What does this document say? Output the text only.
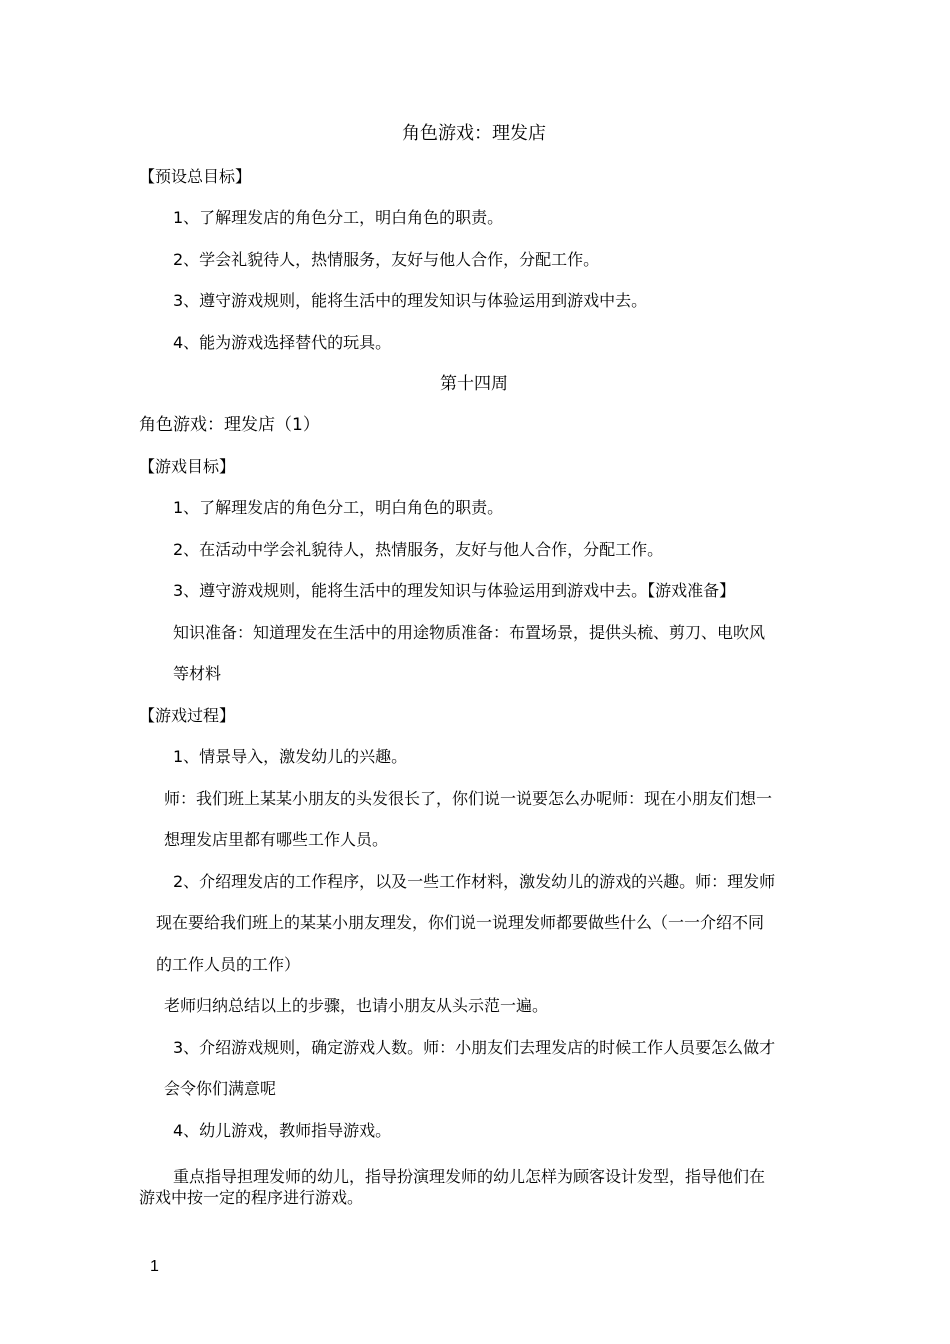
角色游戏：理发店
【预设总目标】
1、了解理发店的角色分工，明白角色的职责。
2、学会礼貌待人，热情服务，友好与他人合作，分配工作。
3、遵守游戏规则，能将生活中的理发知识与体验运用到游戏中去。
4、能为游戏选择替代的玩具。
第十四周
角色游戏：理发店（1）
【游戏目标】
1、了解理发店的角色分工，明白角色的职责。
2、在活动中学会礼貌待人，热情服务，友好与他人合作，分配工作。
3、遵守游戏规则，能将生活中的理发知识与体验运用到游戏中去。【游戏准备】
知识准备：知道理发在生活中的用途物质准备：布置场景，提供头梳、剪刀、电吹风
等材料
【游戏过程】
1、情景导入，激发幼儿的兴趣。
师：我们班上某某小朋友的头发很长了，你们说一说要怎么办呢师：现在小朋友们想一
想理发店里都有哪些工作人员。
2、介绍理发店的工作程序，以及一些工作材料，激发幼儿的游戏的兴趣。师：理发师
现在要给我们班上的某某小朋友理发，你们说一说理发师都要做些什么（一一介绍不同
的工作人员的工作）
老师归纳总结以上的步骤，也请小朋友从头示范一遍。
3、介绍游戏规则，确定游戏人数。师：小朋友们去理发店的时候工作人员要怎么做才
会令你们满意呢
4、幼儿游戏，教师指导游戏。
重点指导担理发师的幼儿，指导扮演理发师的幼儿怎样为顾客设计发型，指导他们在
游戏中按一定的程序进行游戏。
1
